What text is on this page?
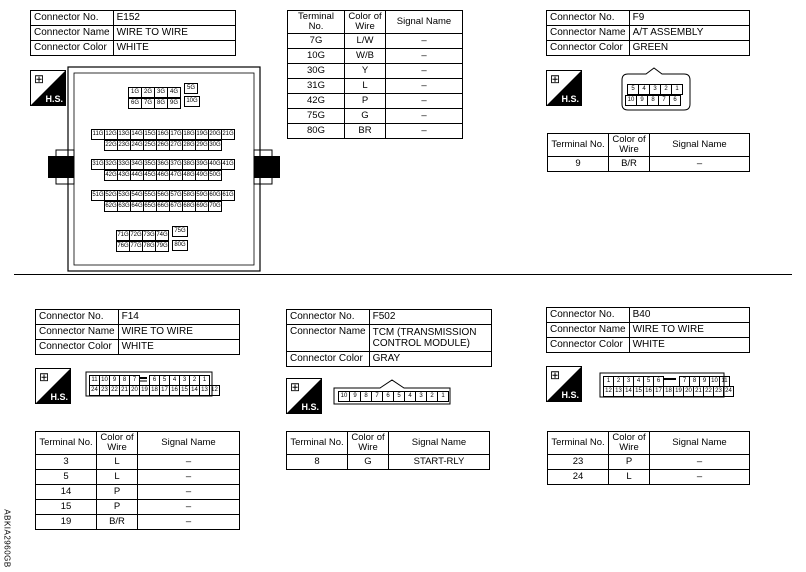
Connector No.	E152
Connector Name	WIRE TO WIRE
Connector Color	WHITE
⊞
H.S.
1G 2G 3G 4G
5G
6G 7G 8G 9G	10G
11G 12G 13G 14G 15G 16G 17G 18G 19G 20G 21G
22G 23G 24G 25G 26G 27G 28G 29G 30G
31G 32G 33G 34G 35G 36G 37G 38G 39G 40G 41G
42G 43G 44G 45G 46G 47G 48G 49G 50G
51G 52G 53G 54G 55G 56G 57G 58G 59G 60G 61G
62G 63G 64G 65G 66G 67G 68G 69G 70G
71G 72G 73G 74G
75G
76G 77G 78G 79G	80G
Terminal No.	Color of Wire	Signal Name
7G	L/W	–
10G	W/B	–
30G	Y	–
31G	L	–
42G	P	–
75G	G	–
80G	BR	–
Connector No.	F9
Connector Name	A/T ASSEMBLY
Connector Color	GREEN
⊞
H.S.
5	4	3	2	1
10 9	8	7	6
Terminal No.	Color of Wire	Signal Name
9	B/R	–
Connector No.	F14
Connector Name	WIRE TO WIRE
Connector Color	WHITE
⊞
H.S.
11 10 9	8	7	6	5	4	3	2	1
24 23 22 21 20 19 18 17 16 15 14 13 12
Terminal No.	Color of Wire	Signal Name
3	L	–
5	L	–
14	P	–
15	P	–
19	B/R	–
Connector No.	F502
Connector Name	TCM (TRANSMISSION CONTROL MODULE)
Connector Color	GRAY
⊞
H.S.
10 9	8	7	6	5	4	3	2	1
Terminal No.	Color of Wire	Signal Name
8	G	START-RLY
Connector No.	B40
Connector Name	WIRE TO WIRE
Connector Color	WHITE
⊞
H.S.
1	2	3	4	5	6	7	8	9 10 11
12 13 14 15 16 17 18 19 20 21 22 23 24
Terminal No.	Color of Wire	Signal Name
23	P	–
24	L	–
ABKIA2960GB
